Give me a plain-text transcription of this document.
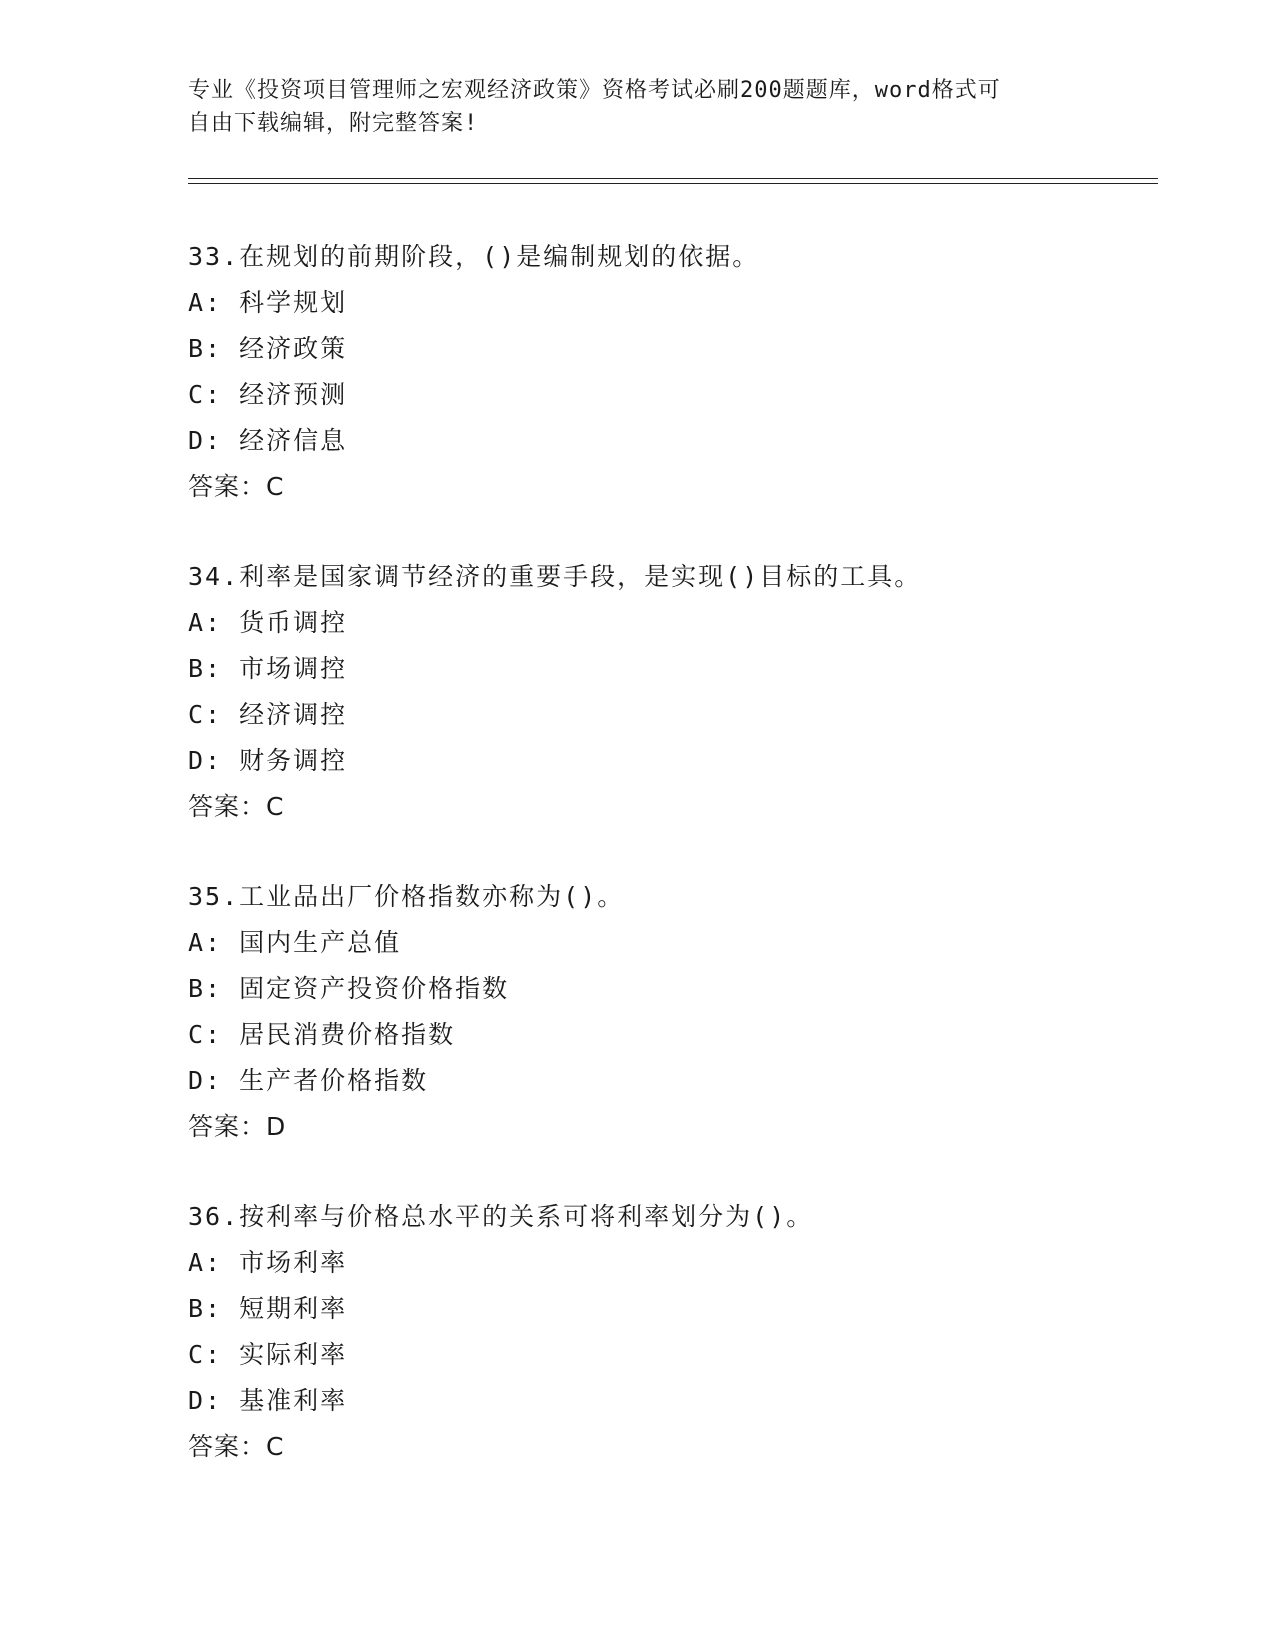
专业《投资项目管理师之宏观经济政策》资格考试必刷200题题库，word格式可
自由下载编辑，附完整答案!
33.在规划的前期阶段，()是编制规划的依据。
A: 科学规划
B: 经济政策
C: 经济预测
D: 经济信息
答案：C
34.利率是国家调节经济的重要手段，是实现()目标的工具。
A: 货币调控
B: 市场调控
C: 经济调控
D: 财务调控
答案：C
35.工业品出厂价格指数亦称为()。
A: 国内生产总值
B: 固定资产投资价格指数
C: 居民消费价格指数
D: 生产者价格指数
答案：D
36.按利率与价格总水平的关系可将利率划分为()。
A: 市场利率
B: 短期利率
C: 实际利率
D: 基准利率
答案：C
